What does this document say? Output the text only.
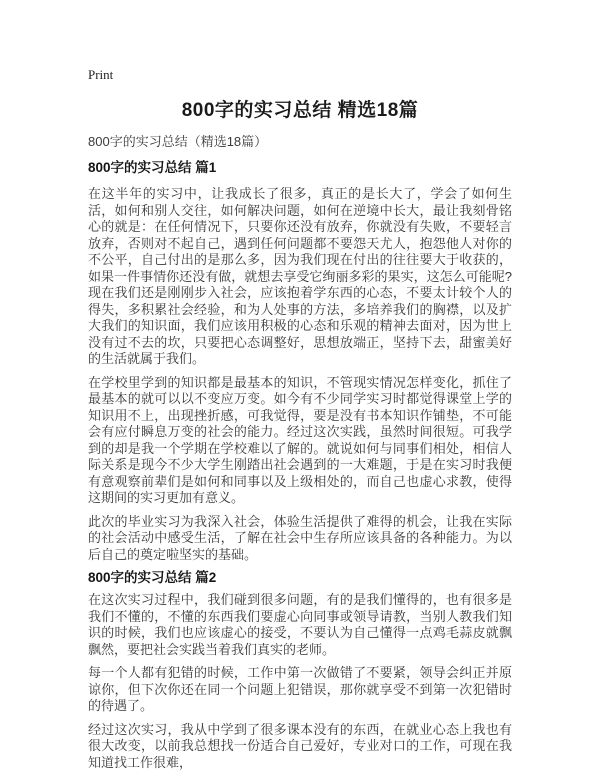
Print
800字的实习总结 精选18篇
800字的实习总结（精选18篇）
800字的实习总结 篇1

在这半年的实习中，让我成长了很多，真正的是长大了，学会了如何生活，如何和别人交往，如何解决问题，如何在逆境中长大，最让我刻骨铭心的就是：在任何情况下，只要你还没有放弃，你就没有失败，不要轻言放弃，否则对不起自己，遇到任何问题都不要怨天尤人，抱怨他人对你的不公平，自己付出的是那么多，因为我们现在付出的往往要大于收获的，如果一件事情你还没有做，就想去享受它绚丽多彩的果实，这怎么可能呢?现在我们还是刚刚步入社会，应该抱着学东西的心态，不要太计较个人的得失，多积累社会经验，和为人处事的方法，多培养我们的胸襟，以及扩大我们的知识面，我们应该用积极的心态和乐观的精神去面对，因为世上没有过不去的坎，只要把心态调整好，思想放端正，坚持下去，甜蜜美好的生活就属于我们。

在学校里学到的知识都是最基本的知识，不管现实情况怎样变化，抓住了最基本的就可以以不变应万变。如今有不少同学实习时都觉得课堂上学的知识用不上，出现挫折感，可我觉得，要是没有书本知识作铺垫，不可能会有应付瞬息万变的社会的能力。经过这次实践，虽然时间很短。可我学到的却是我一个学期在学校难以了解的。就说如何与同事们相处，相信人际关系是现今不少大学生刚踏出社会遇到的一大难题，于是在实习时我便有意观察前辈们是如何和同事以及上级相处的，而自己也虚心求教，使得这期间的实习更加有意义。

此次的毕业实习为我深入社会，体验生活提供了难得的机会，让我在实际的社会活动中感受生活，了解在社会中生存所应该具备的各种能力。为以后自己的奠定啦坚实的基础。

800字的实习总结 篇2

在这次实习过程中，我们碰到很多问题，有的是我们懂得的，也有很多是我们不懂的，不懂的东西我们要虚心向同事或领导请教，当别人教我们知识的时候，我们也应该虚心的接受，不要认为自己懂得一点鸡毛蒜皮就飘飘然，要把社会实践当着我们真实的老师。

每一个人都有犯错的时候，工作中第一次做错了不要紧，领导会纠正并原谅你，但下次你还在同一个问题上犯错误，那你就享受不到第一次犯错时的待遇了。

经过这次实习，我从中学到了很多课本没有的东西，在就业心态上我也有很大改变，以前我总想找一份适合自己爱好，专业对口的工作，可现在我知道找工作很难，
